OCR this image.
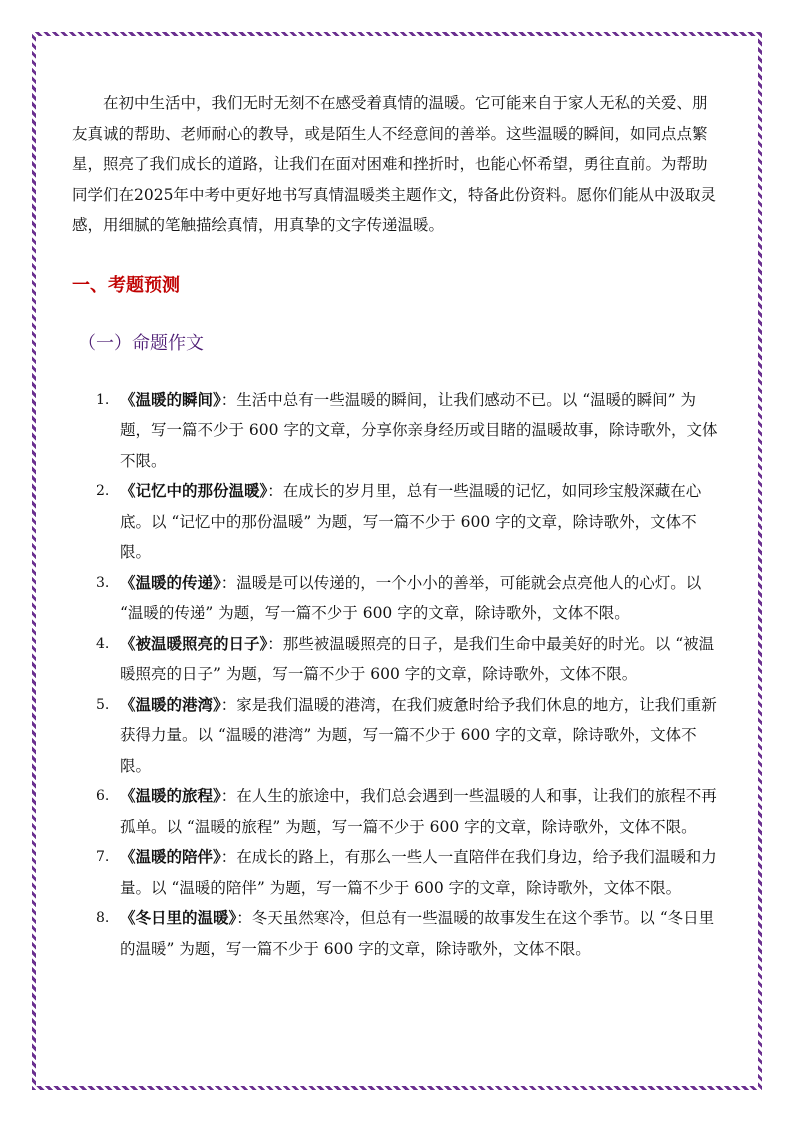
在初中生活中，我们无时无刻不在感受着真情的温暖。它可能来自于家人无私的关爱、朋友真诚的帮助、老师耐心的教导，或是陌生人不经意间的善举。这些温暖的瞬间，如同点点繁星，照亮了我们成长的道路，让我们在面对困难和挫折时，也能心怀希望，勇往直前。为帮助同学们在2025年中考中更好地书写真情温暖类主题作文，特备此份资料。愿你们能从中汲取灵感，用细腻的笔触描绘真情，用真挚的文字传递温暖。

一、考题预测
（一）命题作文
1. 《温暖的瞬间》：生活中总有一些温暖的瞬间，让我们感动不已。以 “温暖的瞬间” 为题，写一篇不少于 600 字的文章，分享你亲身经历或目睹的温暖故事，除诗歌外，文体不限。
2. 《记忆中的那份温暖》：在成长的岁月里，总有一些温暖的记忆，如同珍宝般深藏在心底。以 “记忆中的那份温暖” 为题，写一篇不少于 600 字的文章，除诗歌外，文体不限。
3. 《温暖的传递》：温暖是可以传递的，一个小小的善举，可能就会点亮他人的心灯。以 “温暖的传递” 为题，写一篇不少于 600 字的文章，除诗歌外，文体不限。
4. 《被温暖照亮的日子》：那些被温暖照亮的日子，是我们生命中最美好的时光。以 “被温暖照亮的日子” 为题，写一篇不少于 600 字的文章，除诗歌外，文体不限。
5. 《温暖的港湾》：家是我们温暖的港湾，在我们疲惫时给予我们休息的地方，让我们重新获得力量。以 “温暖的港湾” 为题，写一篇不少于 600 字的文章，除诗歌外，文体不限。
6. 《温暖的旅程》：在人生的旅途中，我们总会遇到一些温暖的人和事，让我们的旅程不再孤单。以 “温暖的旅程” 为题，写一篇不少于 600 字的文章，除诗歌外，文体不限。
7. 《温暖的陪伴》：在成长的路上，有那么一些人一直陪伴在我们身边，给予我们温暖和力量。以 “温暖的陪伴” 为题，写一篇不少于 600 字的文章，除诗歌外，文体不限。
8. 《冬日里的温暖》：冬天虽然寒冷，但总有一些温暖的故事发生在这个季节。以 “冬日里的温暖” 为题，写一篇不少于 600 字的文章，除诗歌外，文体不限。
